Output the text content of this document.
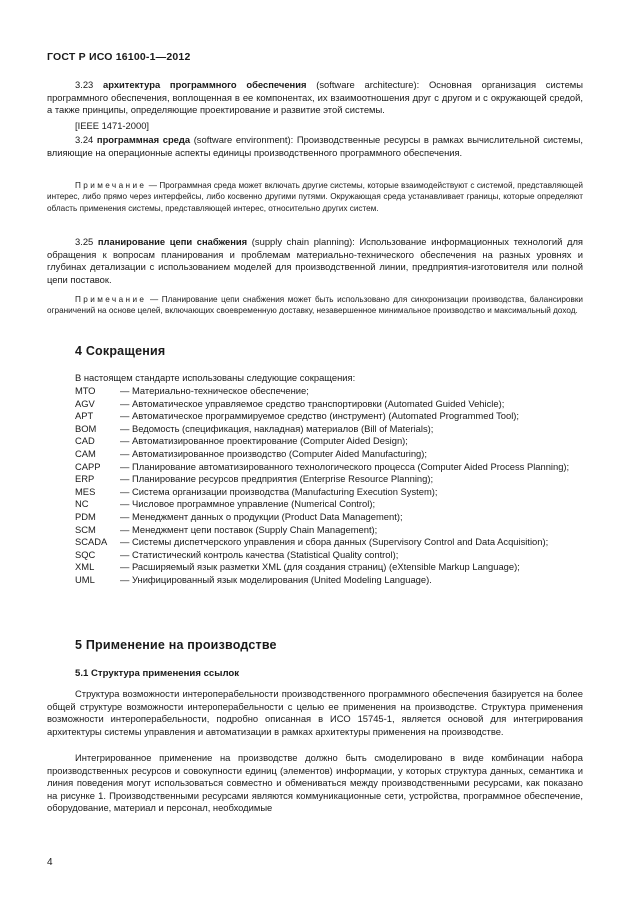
ГОСТ Р ИСО 16100-1—2012

3.23 архитектура программного обеспечения (software architecture): Основная организация системы программного обеспечения, воплощенная в ее компонентах, их взаимоотношения друг с другом и с окружающей средой, а также принципы, определяющие проектирование и развитие этой системы.

[IEEE 1471-2000]

3.24 программная среда (software environment): Производственные ресурсы в рамках вычислительной системы, влияющие на операционные аспекты единицы производственного программного обеспечения.

Примечание — Программная среда может включать другие системы, которые взаимодействуют с системой, представляющей интерес, либо прямо через интерфейсы, либо косвенно другими путями. Окружающая среда устанавливает границы, которые определяют область применения системы, представляющей интерес, относительно других систем.

3.25 планирование цепи снабжения (supply chain planning): Использование информационных технологий для обращения к вопросам планирования и проблемам материально-технического обеспечения на разных уровнях и глубинах детализации с использованием моделей для производственной линии, предприятия-изготовителя или полной цепи поставок.

Примечание — Планирование цепи снабжения может быть использовано для синхронизации производства, балансировки ограничений на основе целей, включающих своевременную доставку, незавершенное минимальное производство и максимальный доход.

4 Сокращения
В настоящем стандарте использованы следующие сокращения:
МТО	— Материально-техническое обеспечение;
AGV	— Автоматическое управляемое средство транспортировки (Automated Guided Vehicle);
APT	— Автоматическое программируемое средство (инструмент) (Automated Programmed Tool);
BOM	— Ведомость (спецификация, накладная) материалов (Bill of Materials);
CAD	— Автоматизированное проектирование (Computer Aided Design);
CAM	— Автоматизированное производство (Computer Aided Manufacturing);
CAPP	— Планирование автоматизированного технологического процесса (Computer Aided Process Planning);
ERP	— Планирование ресурсов предприятия (Enterprise Resource Planning);
MES	— Система организации производства (Manufacturing Execution System);
NC	— Числовое программное управление (Numerical Control);
PDM	— Менеджмент данных о продукции (Product Data Management);
SCM	— Менеджмент цепи поставок (Supply Chain Management);
SCADA	— Системы диспетчерского управления и сбора данных (Supervisory Control and Data Acquisition);
SQC	— Статистический контроль качества (Statistical Quality control);
XML	— Расширяемый язык разметки XML (для создания страниц) (eXtensible Markup Language);
UML	— Унифицированный язык моделирования (United Modeling Language).
5 Применение на производстве
5.1 Структура применения ссылок

Структура возможности интероперабельности производственного программного обеспечения базируется на более общей структуре возможности интероперабельности с целью ее применения на производстве. Структура применения возможности интероперабельности, подробно описанная в ИСО 15745-1, является основой для интегрирования архитектуры системы управления и автоматизации в рамках архитектуры применения на производстве.

Интегрированное применение на производстве должно быть смоделировано в виде комбинации набора производственных ресурсов и совокупности единиц (элементов) информации, у которых структура данных, семантика и линия поведения могут использоваться совместно и обмениваться между производственными ресурсами, как показано на рисунке 1. Производственными ресурсами являются коммуникационные сети, устройства, программное обеспечение, оборудование, материал и персонал, необходимые

4
